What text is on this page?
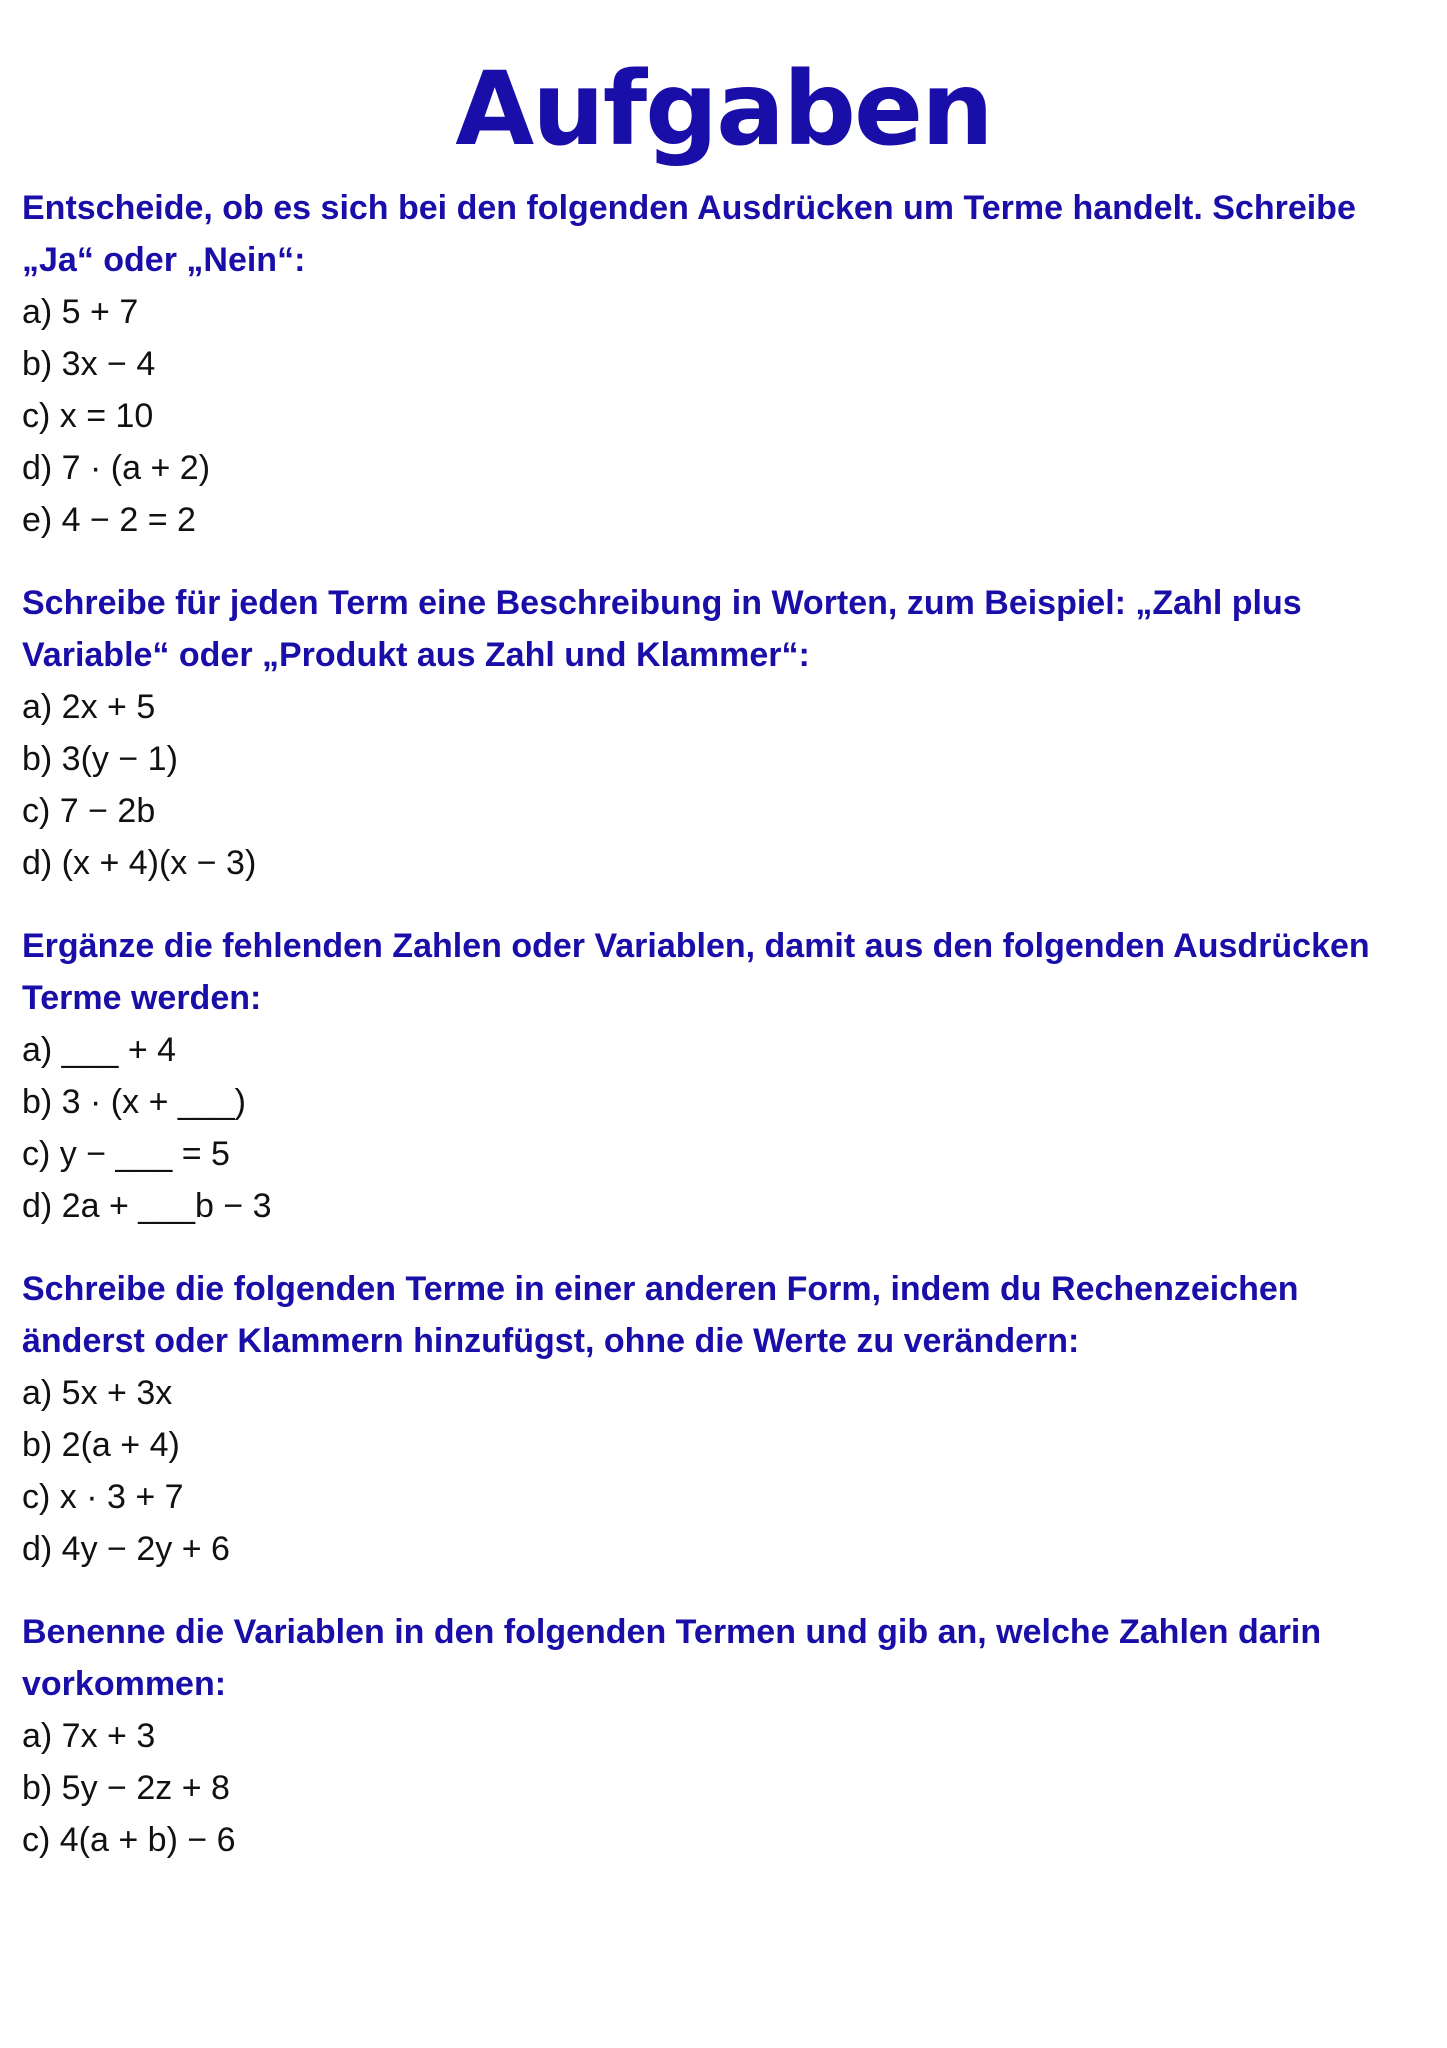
Aufgaben

Entscheide, ob es sich bei den folgenden Ausdrücken um Terme handelt. Schreibe „Ja“ oder „Nein“:

a) 5 + 7
b) 3x − 4
c) x = 10
d) 7 · (a + 2)
e) 4 − 2 = 2

Schreibe für jeden Term eine Beschreibung in Worten, zum Beispiel: „Zahl plus Variable“ oder „Produkt aus Zahl und Klammer“:

a) 2x + 5
b) 3(y − 1)
c) 7 − 2b
d) (x + 4)(x − 3)

Ergänze die fehlenden Zahlen oder Variablen, damit aus den folgenden Ausdrücken Terme werden:

a) ___ + 4
b) 3 · (x + ___)
c) y − ___ = 5
d) 2a + ___b − 3

Schreibe die folgenden Terme in einer anderen Form, indem du Rechenzeichen änderst oder Klammern hinzufügst, ohne die Werte zu verändern:

a) 5x + 3x
b) 2(a + 4)
c) x · 3 + 7
d) 4y − 2y + 6

Benenne die Variablen in den folgenden Termen und gib an, welche Zahlen darin vorkommen:

a) 7x + 3
b) 5y − 2z + 8
c) 4(a + b) − 6
